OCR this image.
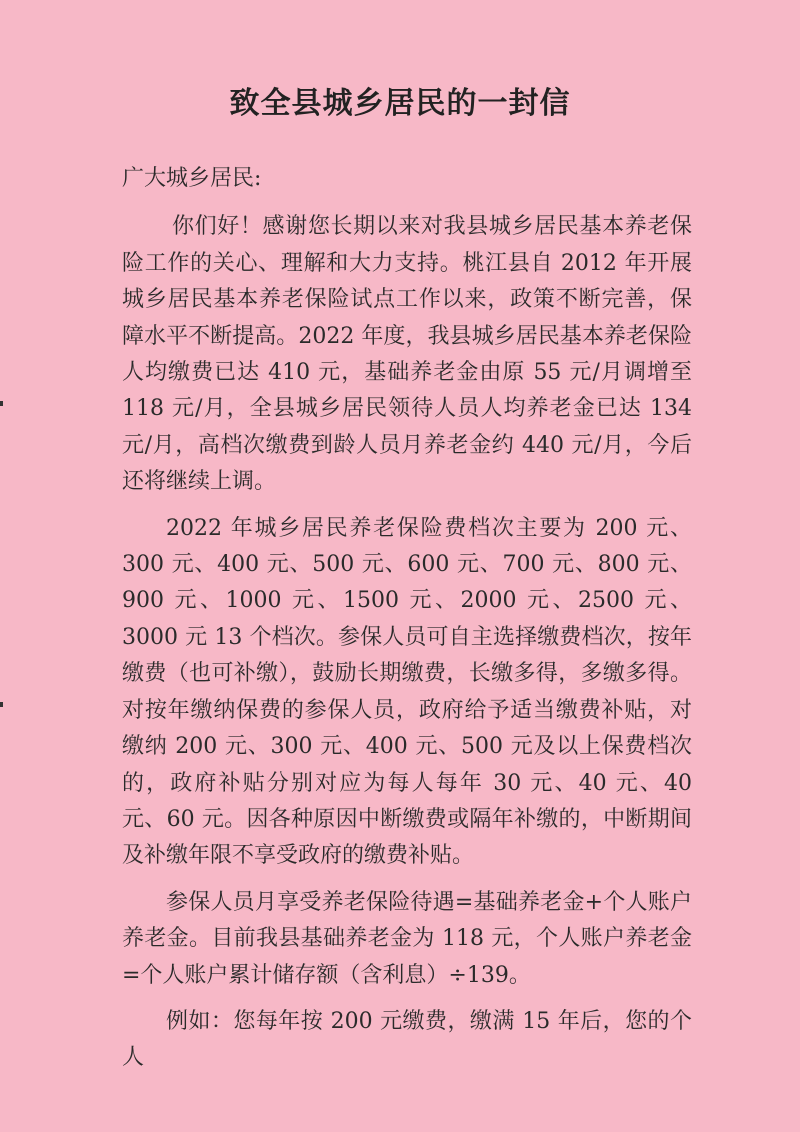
致全县城乡居民的一封信

广大城乡居民:

你们好！感谢您长期以来对我县城乡居民基本养老保险工作的关心、理解和大力支持。桃江县自 2012 年开展城乡居民基本养老保险试点工作以来，政策不断完善，保障水平不断提高。2022 年度，我县城乡居民基本养老保险人均缴费已达 410 元，基础养老金由原 55 元/月调增至 118 元/月，全县城乡居民领待人员人均养老金已达 134 元/月，高档次缴费到龄人员月养老金约 440 元/月，今后还将继续上调。

2022 年城乡居民养老保险费档次主要为 200 元、300 元、400 元、500 元、600 元、700 元、800 元、900 元、1000 元、1500 元、2000 元、2500 元、3000 元 13 个档次。参保人员可自主选择缴费档次，按年缴费（也可补缴），鼓励长期缴费，长缴多得，多缴多得。对按年缴纳保费的参保人员，政府给予适当缴费补贴，对缴纳 200 元、300 元、400 元、500 元及以上保费档次的，政府补贴分别对应为每人每年 30 元、40 元、40 元、60 元。因各种原因中断缴费或隔年补缴的，中断期间及补缴年限不享受政府的缴费补贴。

参保人员月享受养老保险待遇=基础养老金+个人账户养老金。目前我县基础养老金为 118 元，个人账户养老金=个人账户累计储存额（含利息）÷139。

例如：您每年按 200 元缴费，缴满 15 年后，您的个人
